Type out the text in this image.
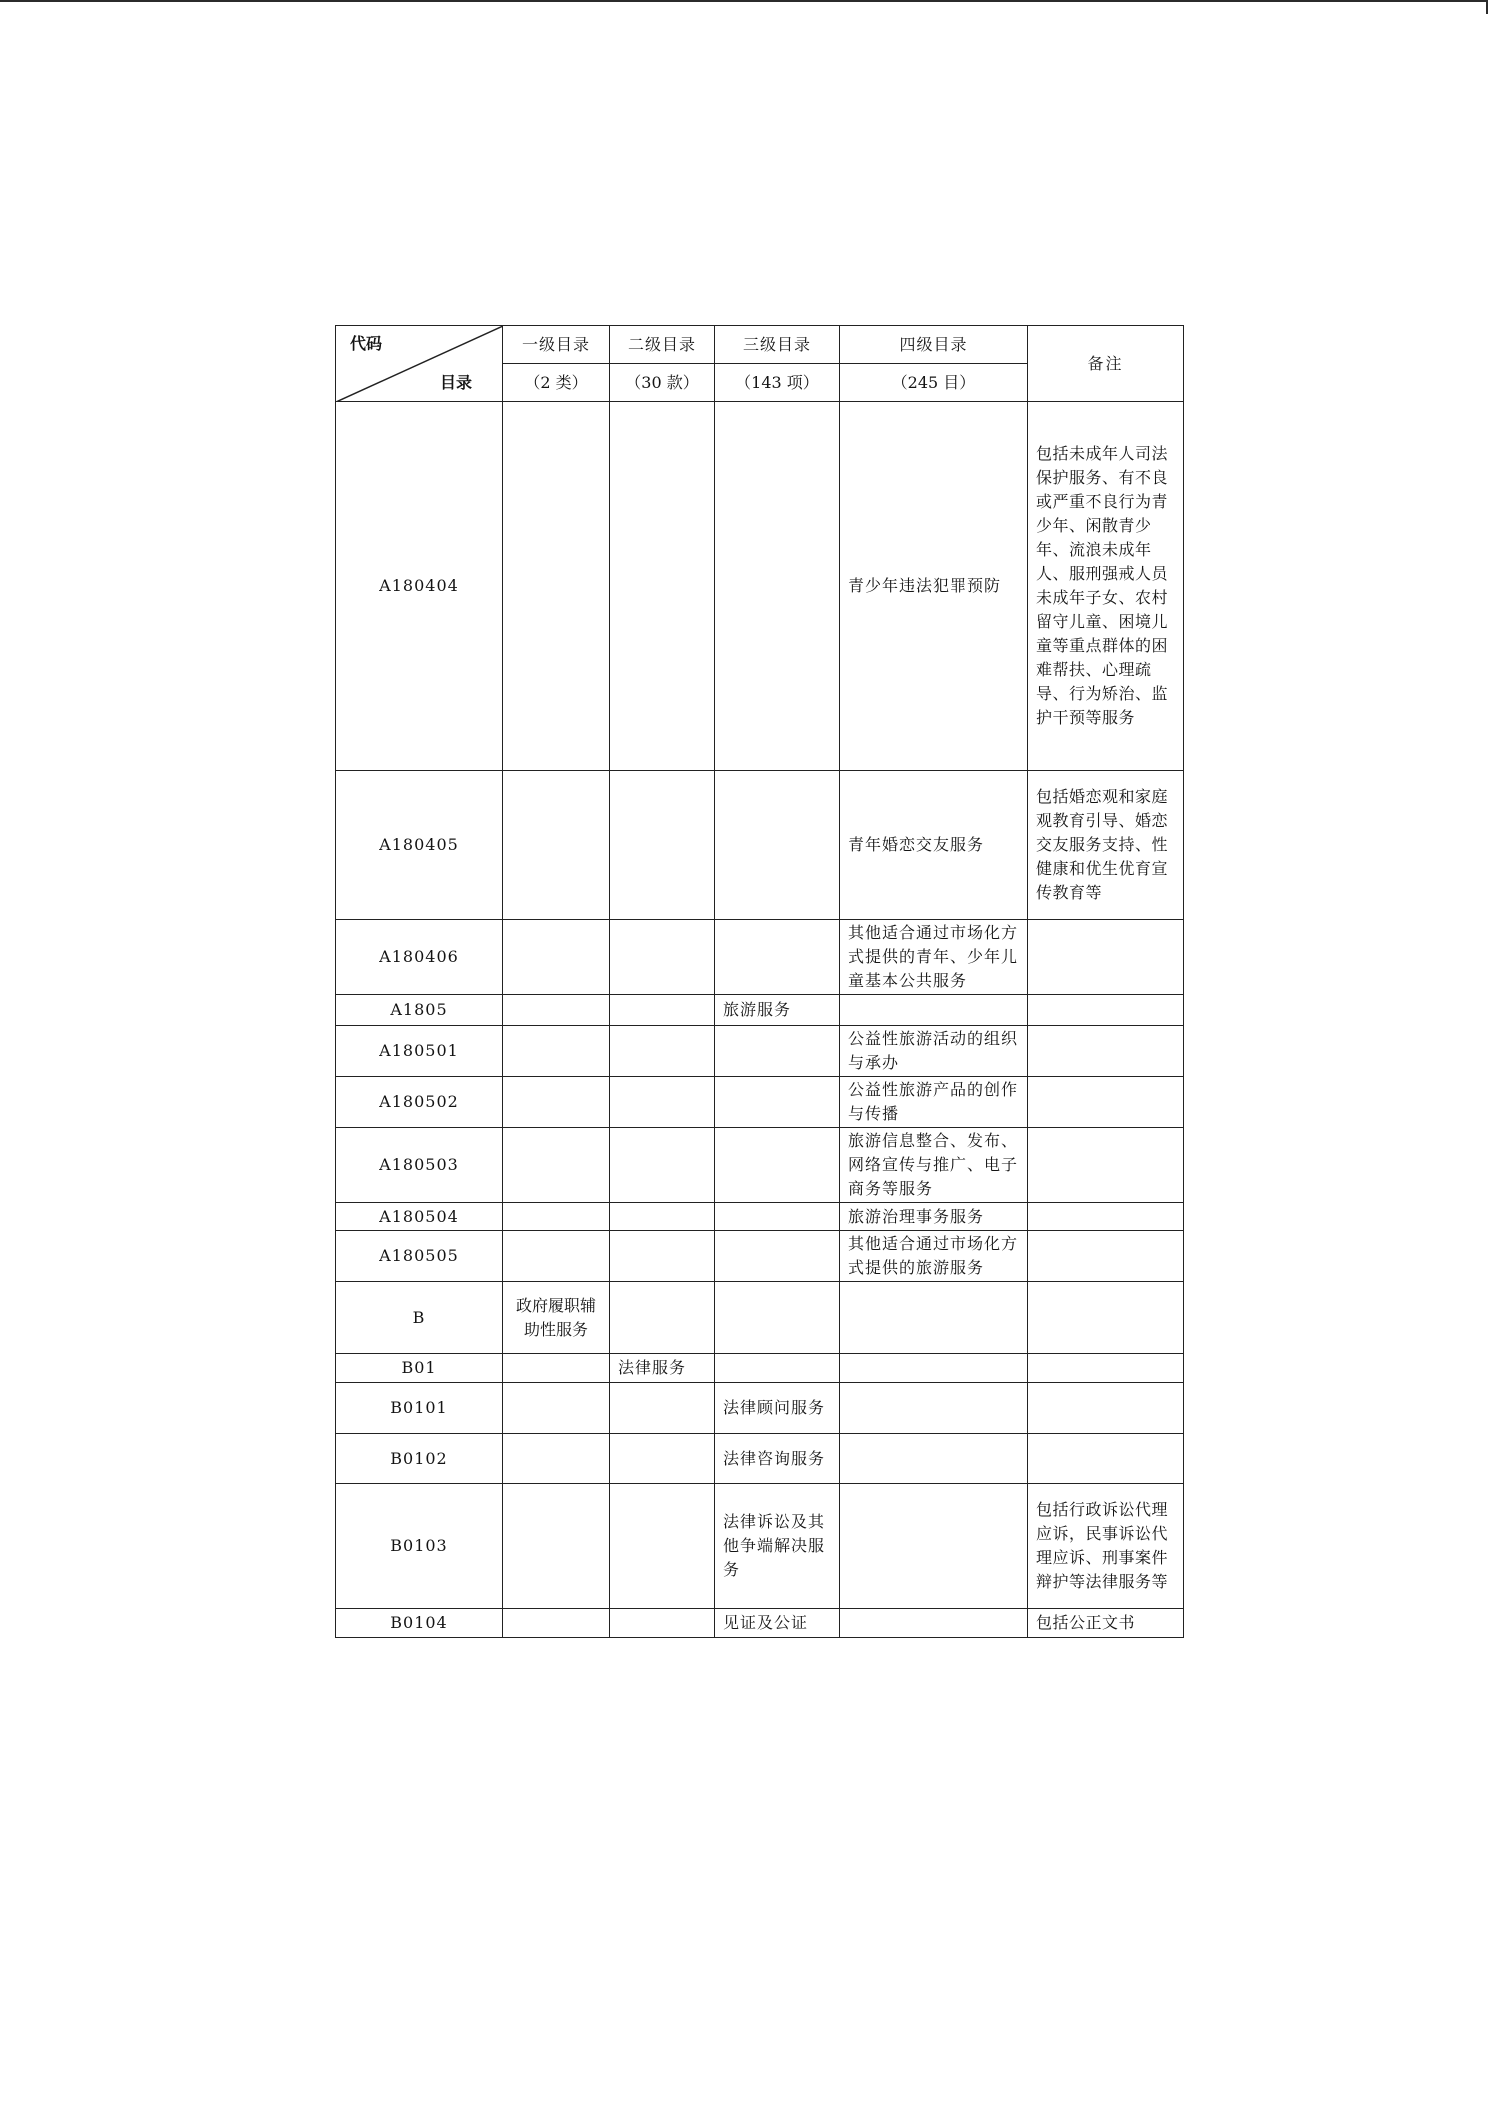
代码
目录	一级目录	二级目录	三级目录	四级目录	备注
	（2 类）	（30 款）	（143 项）	（245 目）	
A180404				青少年违法犯罪预防	包括未成年人司法保护服务、有不良或严重不良行为青少年、闲散青少年、流浪未成年人、服刑强戒人员未成年子女、农村留守儿童、困境儿童等重点群体的困难帮扶、心理疏导、行为矫治、监护干预等服务
A180405				青年婚恋交友服务	包括婚恋观和家庭观教育引导、婚恋交友服务支持、性健康和优生优育宣传教育等
A180406				其他适合通过市场化方式提供的青年、少年儿童基本公共服务	
A1805			旅游服务		
A180501				公益性旅游活动的组织与承办	
A180502				公益性旅游产品的创作与传播	
A180503				旅游信息整合、发布、网络宣传与推广、电子商务等服务	
A180504				旅游治理事务服务	
A180505				其他适合通过市场化方式提供的旅游服务	
B	政府履职辅助性服务				
B01		法律服务			
B0101			法律顾问服务		
B0102			法律咨询服务		
B0103			法律诉讼及其他争端解决服务		包括行政诉讼代理应诉，民事诉讼代理应诉、刑事案件辩护等法律服务等
B0104			见证及公证		包括公正文书
